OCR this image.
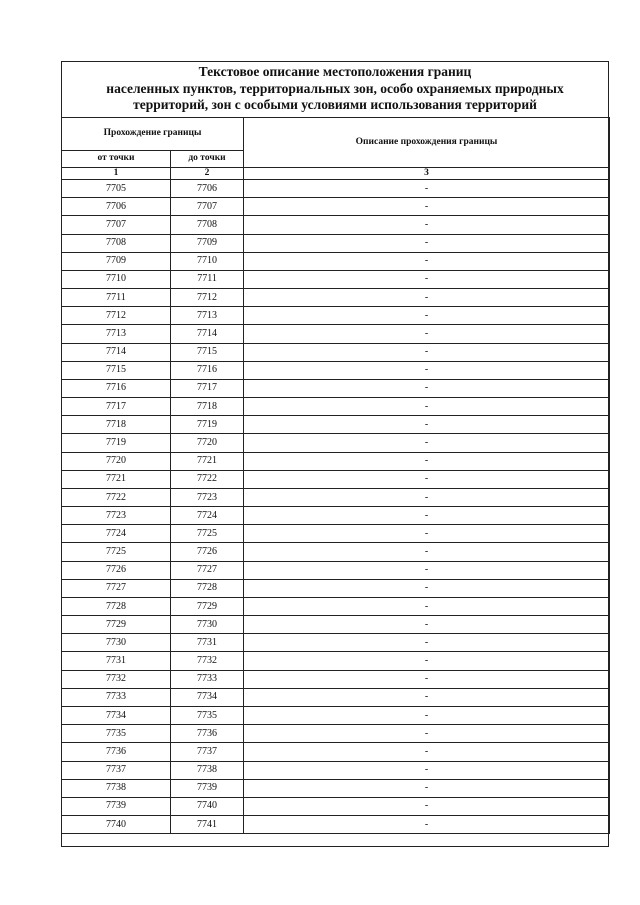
Текстовое описание местоположения границ
населенных пунктов, территориальных зон, особо охраняемых природных
территорий, зон с особыми условиями использования территорий
Прохождение границы		Описание прохождения границы
от точки	до точки	
1	2	3
7705	7706	-
7706	7707	-
7707	7708	-
7708	7709	-
7709	7710	-
7710	7711	-
7711	7712	-
7712	7713	-
7713	7714	-
7714	7715	-
7715	7716	-
7716	7717	-
7717	7718	-
7718	7719	-
7719	7720	-
7720	7721	-
7721	7722	-
7722	7723	-
7723	7724	-
7724	7725	-
7725	7726	-
7726	7727	-
7727	7728	-
7728	7729	-
7729	7730	-
7730	7731	-
7731	7732	-
7732	7733	-
7733	7734	-
7734	7735	-
7735	7736	-
7736	7737	-
7737	7738	-
7738	7739	-
7739	7740	-
7740	7741	-
